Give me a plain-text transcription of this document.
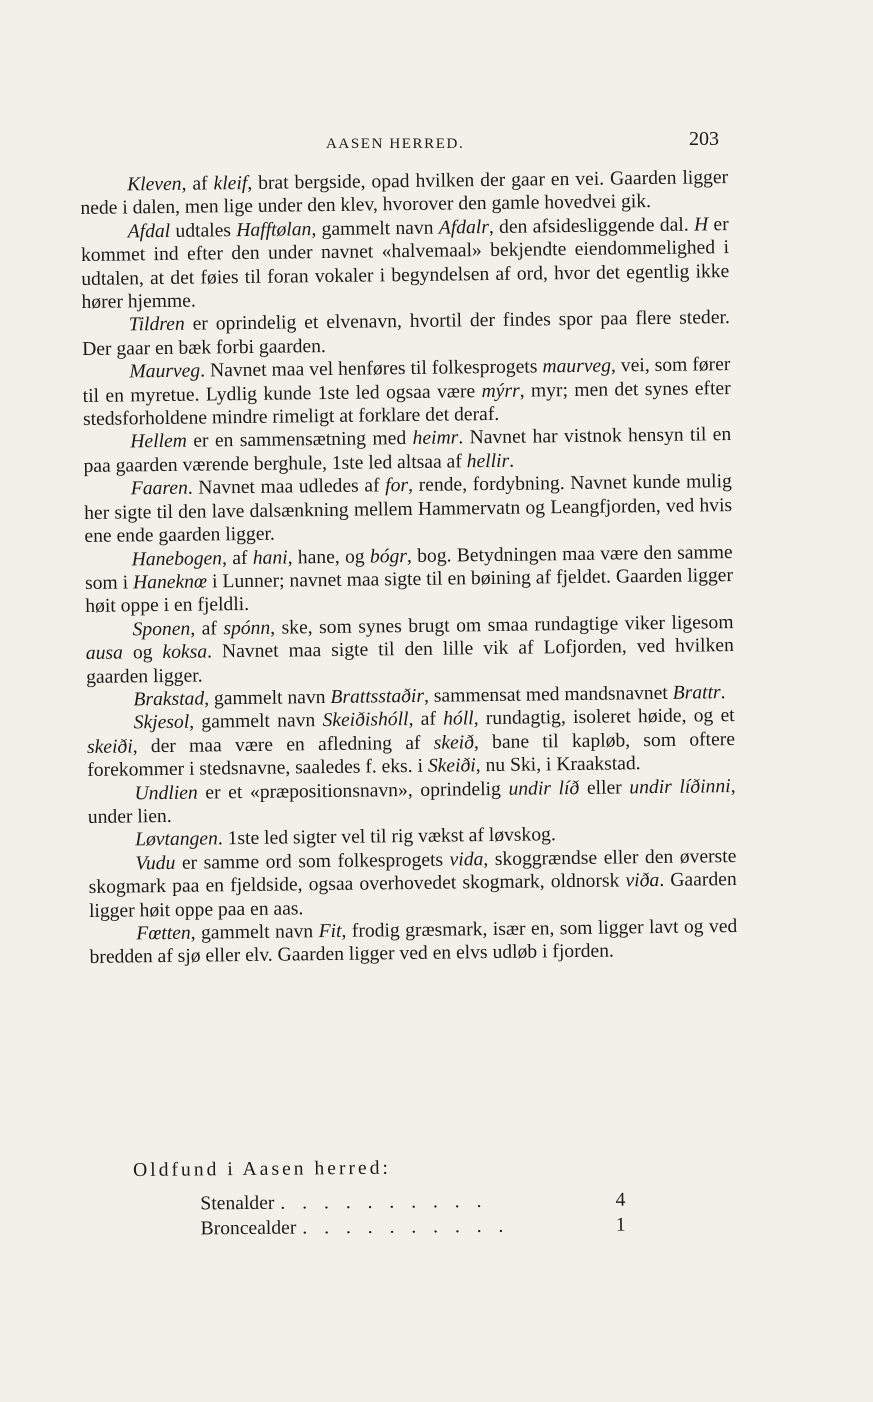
AASEN HERRED.	203

Kleven, af kleif, brat bergside, opad hvilken der gaar en vei. Gaarden ligger nede i dalen, men lige under den klev, hvorover den gamle hovedvei gik.

Afdal udtales Hafftølan, gammelt navn Afdalr, den afsidesliggende dal. H er kommet ind efter den under navnet «halvemaal» bekjendte eiendommelighed i udtalen, at det føies til foran vokaler i begyndelsen af ord, hvor det egentlig ikke hører hjemme.

Tildren er oprindelig et elvenavn, hvortil der findes spor paa flere steder. Der gaar en bæk forbi gaarden.

Maurveg. Navnet maa vel henføres til folkesprogets maurveg, vei, som fører til en myretue. Lydlig kunde 1ste led ogsaa være mýrr, myr; men det synes efter stedsforholdene mindre rimeligt at forklare det deraf.

Hellem er en sammensætning med heimr. Navnet har vistnok hensyn til en paa gaarden værende berghule, 1ste led altsaa af hellir.

Faaren. Navnet maa udledes af for, rende, fordybning. Navnet kunde mulig her sigte til den lave dalsænkning mellem Hammervatn og Leangfjorden, ved hvis ene ende gaarden ligger.

Hanebogen, af hani, hane, og bógr, bog. Betydningen maa være den samme som i Haneknœ i Lunner; navnet maa sigte til en bøining af fjeldet. Gaarden ligger høit oppe i en fjeldli.

Sponen, af spónn, ske, som synes brugt om smaa rundagtige viker ligesom ausa og koksa. Navnet maa sigte til den lille vik af Lofjorden, ved hvilken gaarden ligger.

Brakstad, gammelt navn Brattsstaðir, sammensat med mandsnavnet Brattr.

Skjesol, gammelt navn Skeiðishóll, af hóll, rundagtig, isoleret høide, og et skeiði, der maa være en afledning af skeið, bane til kapløb, som oftere forekommer i stedsnavne, saaledes f. eks. i Skeiði, nu Ski, i Kraakstad.

Undlien er et «præpositionsnavn», oprindelig undir líð eller undir líðinni, under lien.

Løvtangen. 1ste led sigter vel til rig vækst af løvskog.

Vudu er samme ord som folkesprogets vida, skoggrændse eller den øverste skogmark paa en fjeldside, ogsaa overhovedet skogmark, oldnorsk viða. Gaarden ligger høit oppe paa en aas.

Fœtten, gammelt navn Fit, frodig græsmark, især en, som ligger lavt og ved bredden af sjø eller elv. Gaarden ligger ved en elvs udløb i fjorden.

Oldfund i Aasen herred:
Stenalder . . . . . . . . . .	4
Broncealder . . . . . . . . . .	1
